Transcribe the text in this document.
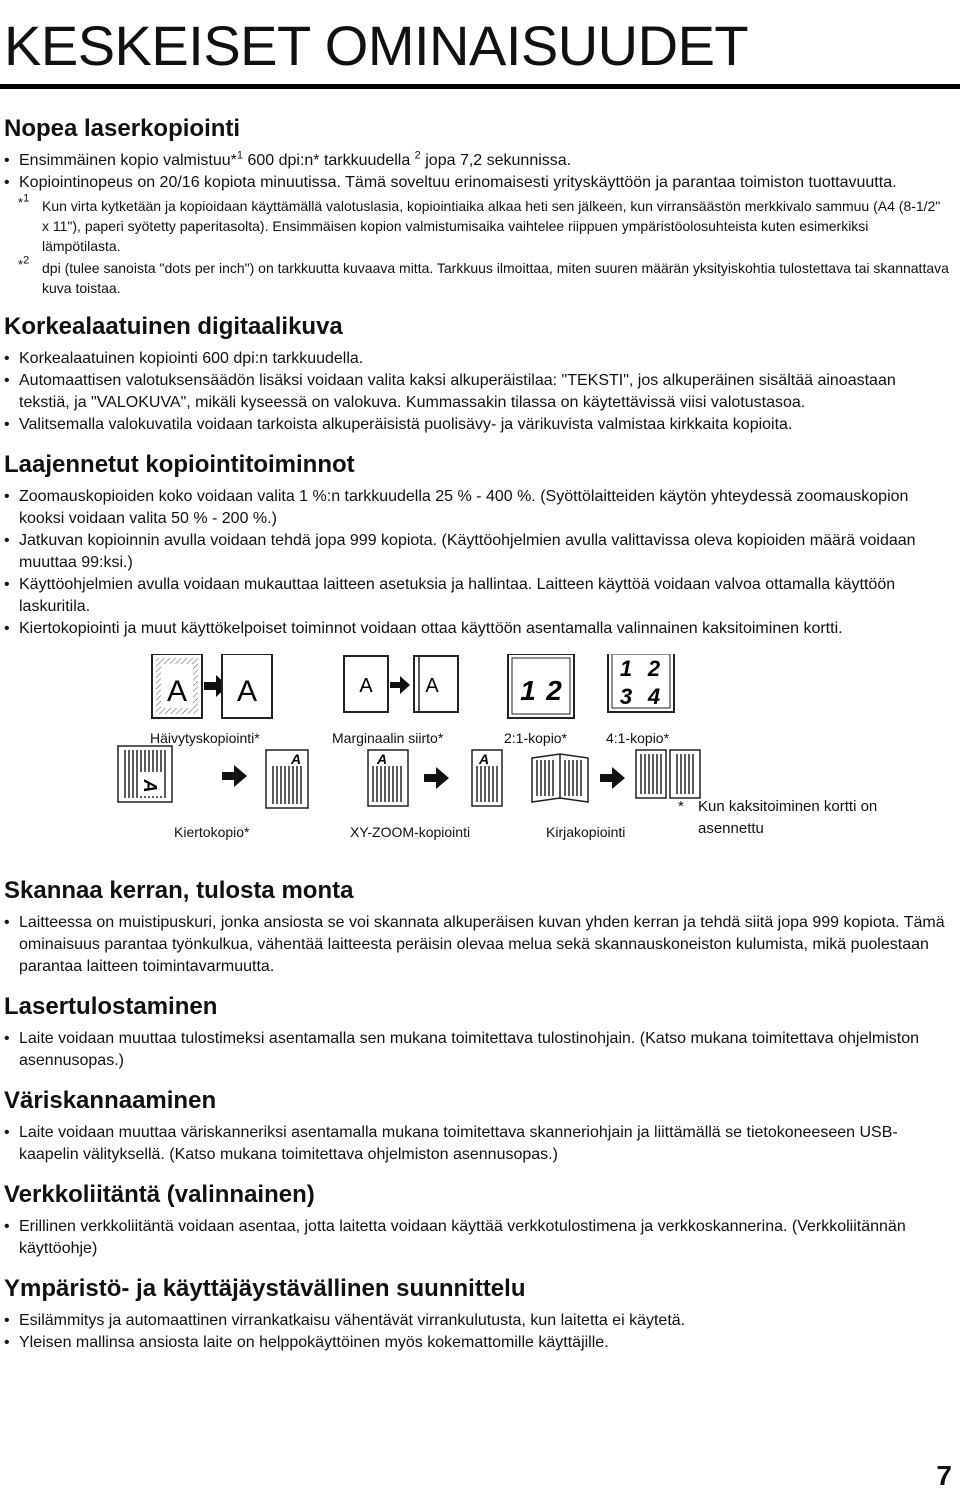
KESKEISET OMINAISUUDET
Nopea laserkopiointi
• Ensimmäinen kopio valmistuu*$^1$ 600 dpi:n* tarkkuudella $^2$ jopa 7,2 sekunnissa.
• Kopiointinopeus on 20/16 kopiota minuutissa. Tämä soveltuu erinomaisesti yrityskäyttöön ja parantaa toimiston tuottavuutta.
*$^1$ Kun virta kytketään ja kopioidaan käyttämällä valotuslasia, kopiointiaika alkaa heti sen jälkeen, kun virransäästön merkkivalo sammuu (A4 (8-1/2" x 11"), paperi syötetty paperitasolta). Ensimmäisen kopion valmistumisaika vaihtelee riippuen ympäristöolosuhteista kuten esimerkiksi lämpötilasta.
*$^2$ dpi (tulee sanoista "dots per inch") on tarkkuutta kuvaava mitta. Tarkkuus ilmoittaa, miten suuren määrän yksityiskohtia tulostettava tai skannattava kuva toistaa.
Korkealaatuinen digitaalikuva
• Korkealaatuinen kopiointi 600 dpi:n tarkkuudella.
• Automaattisen valotuksensäädön lisäksi voidaan valita kaksi alkuperäistilaa: "TEKSTI", jos alkuperäinen sisältää ainoastaan tekstiä, ja "VALOKUVA", mikäli kyseessä on valokuva. Kummassakin tilassa on käytettävissä viisi valotustasoa.
• Valitsemalla valokuvatila voidaan tarkoista alkuperäisistä puolisävy- ja värikuvista valmistaa kirkkaita kopioita.
Laajennetut kopiointitoiminnot
• Zoomauskopioiden koko voidaan valita 1 %:n tarkkuudella 25 % - 400 %. (Syöttölaitteiden käytön yhteydessä zoomauskopion kooksi voidaan valita 50 % - 200 %.)
• Jatkuvan kopioinnin avulla voidaan tehdä jopa 999 kopiota. (Käyttöohjelmien avulla valittavissa oleva kopioiden määrä voidaan muuttaa 99:ksi.)
• Käyttöohjelmien avulla voidaan mukauttaa laitteen asetuksia ja hallintaa. Laitteen käyttöä voidaan valvoa ottamalla käyttöön laskuritila.
• Kiertokopiointi ja muut käyttökelpoiset toiminnot voidaan ottaa käyttöön asentamalla valinnainen kaksitoiminen kortti.
A A	A	A	1 2
1 2
3 4
A
A	A	A
Häivytyskopiointi*	Marginaalin siirto*	2:1-kopio*	4:1-kopio*
Kiertokopio*	XY-ZOOM-kopiointi	Kirjakopiointi
* Kun kaksitoiminen kortti on asennettu
Skannaa kerran, tulosta monta
• Laitteessa on muistipuskuri, jonka ansiosta se voi skannata alkuperäisen kuvan yhden kerran ja tehdä siitä jopa 999 kopiota. Tämä ominaisuus parantaa työnkulkua, vähentää laitteesta peräisin olevaa melua sekä skannauskoneiston kulumista, mikä puolestaan parantaa laitteen toimintavarmuutta.
Lasertulostaminen
• Laite voidaan muuttaa tulostimeksi asentamalla sen mukana toimitettava tulostinohjain. (Katso mukana toimitettava ohjelmiston asennusopas.)
Väriskannaaminen
• Laite voidaan muuttaa väriskanneriksi asentamalla mukana toimitettava skanneriohjain ja liittämällä se tietokoneeseen USB-kaapelin välityksellä. (Katso mukana toimitettava ohjelmiston asennusopas.)
Verkkoliitäntä (valinnainen)
• Erillinen verkkoliitäntä voidaan asentaa, jotta laitetta voidaan käyttää verkkotulostimena ja verkkoskannerina. (Verkkoliitännän käyttöohje)
Ympäristö- ja käyttäjäystävällinen suunnittelu
• Esilämmitys ja automaattinen virrankatkaisu vähentävät virrankulutusta, kun laitetta ei käytetä.
• Yleisen mallinsa ansiosta laite on helppokäyttöinen myös kokemattomille käyttäjille.
7
